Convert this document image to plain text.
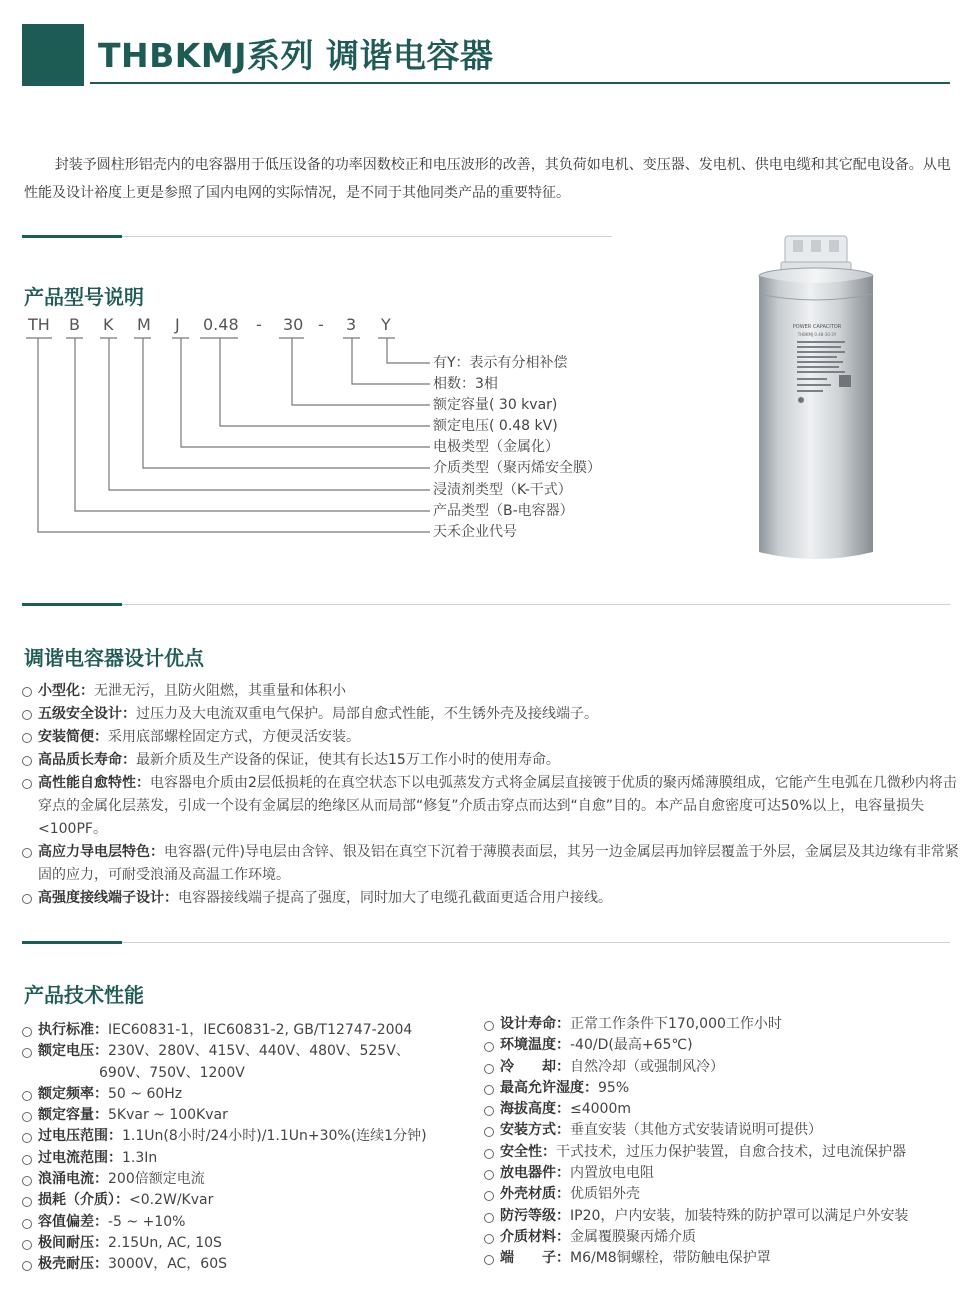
THBKMJ系列 调谐电容器

封装予圆柱形铝壳内的电容器用于低压设备的功率因数校正和电压波形的改善，其负荷如电机、变压器、发电机、供电电缆和其它配电设备。从电性能及设计裕度上更是参照了国内电网的实际情况，是不同于其他同类产品的重要特征。

产品型号说明
TH B K M J 0.48 - 30 - 3 Y
有Y：表示有分相补偿
相数：3相
额定容量( 30 kvar)
额定电压( 0.48 kV)
电极类型（金属化）
介质类型（聚丙烯安全膜）
浸渍剂类型（K-干式）
产品类型（B-电容器）
天禾企业代号
POWER CAPACITOR
THBKMJ 0.48-30-3Y
调谐电容器设计优点
小型化：无泄无污，且防火阻燃，其重量和体积小
五级安全设计：过压力及大电流双重电气保护。局部自愈式性能，不生锈外壳及接线端子。
安装简便：采用底部螺栓固定方式，方便灵活安装。
高品质长寿命：最新介质及生产设备的保证，使其有长达15万工作小时的使用寿命。
高性能自愈特性：电容器电介质由2层低损耗的在真空状态下以电弧蒸发方式将金属层直接镀于优质的聚丙烯薄膜组成，它能产生电弧在几微秒内将击穿点的金属化层蒸发，引成一个设有金属层的绝缘区从而局部“修复”介质击穿点而达到“自愈”目的。本产品自愈密度可达50%以上，电容量损失<100PF。
高应力导电层特色：电容器(元件)导电层由含锌、银及铝在真空下沉着于薄膜表面层，其另一边金属层再加锌层覆盖于外层，金属层及其边缘有非常紧固的应力，可耐受浪涌及高温工作环境。
高强度接线端子设计：电容器接线端子提高了强度，同时加大了电缆孔截面更适合用户接线。
产品技术性能
执行标准：IEC60831-1，IEC60831-2, GB/T12747-2004
额定电压：230V、280V、415V、440V、480V、525V、
690V、750V、1200V
额定频率：50 ~ 60Hz
额定容量：5Kvar ~ 100Kvar
过电压范围：1.1Un(8小时/24小时)/1.1Un+30%(连续1分钟)
过电流范围：1.3In
浪涌电流：200倍额定电流
损耗（介质）：<0.2W/Kvar
容值偏差：-5 ~ +10%
极间耐压：2.15Un, AC, 10S
极壳耐压：3000V，AC，60S
设计寿命：正常工作条件下170,000工作小时
环境温度：-40/D(最高+65℃)
冷　　却：自然冷却（或强制风冷）
最高允许湿度：95%
海拔高度：≤4000m
安装方式：垂直安装（其他方式安装请说明可提供）
安全性：干式技术，过压力保护装置，自愈合技术，过电流保护器
放电器件：内置放电电阻
外壳材质：优质铝外壳
防污等级：IP20，户内安装，加装特殊的防护罩可以满足户外安装
介质材料：金属覆膜聚丙烯介质
端　　子：M6/M8铜螺栓，带防触电保护罩
